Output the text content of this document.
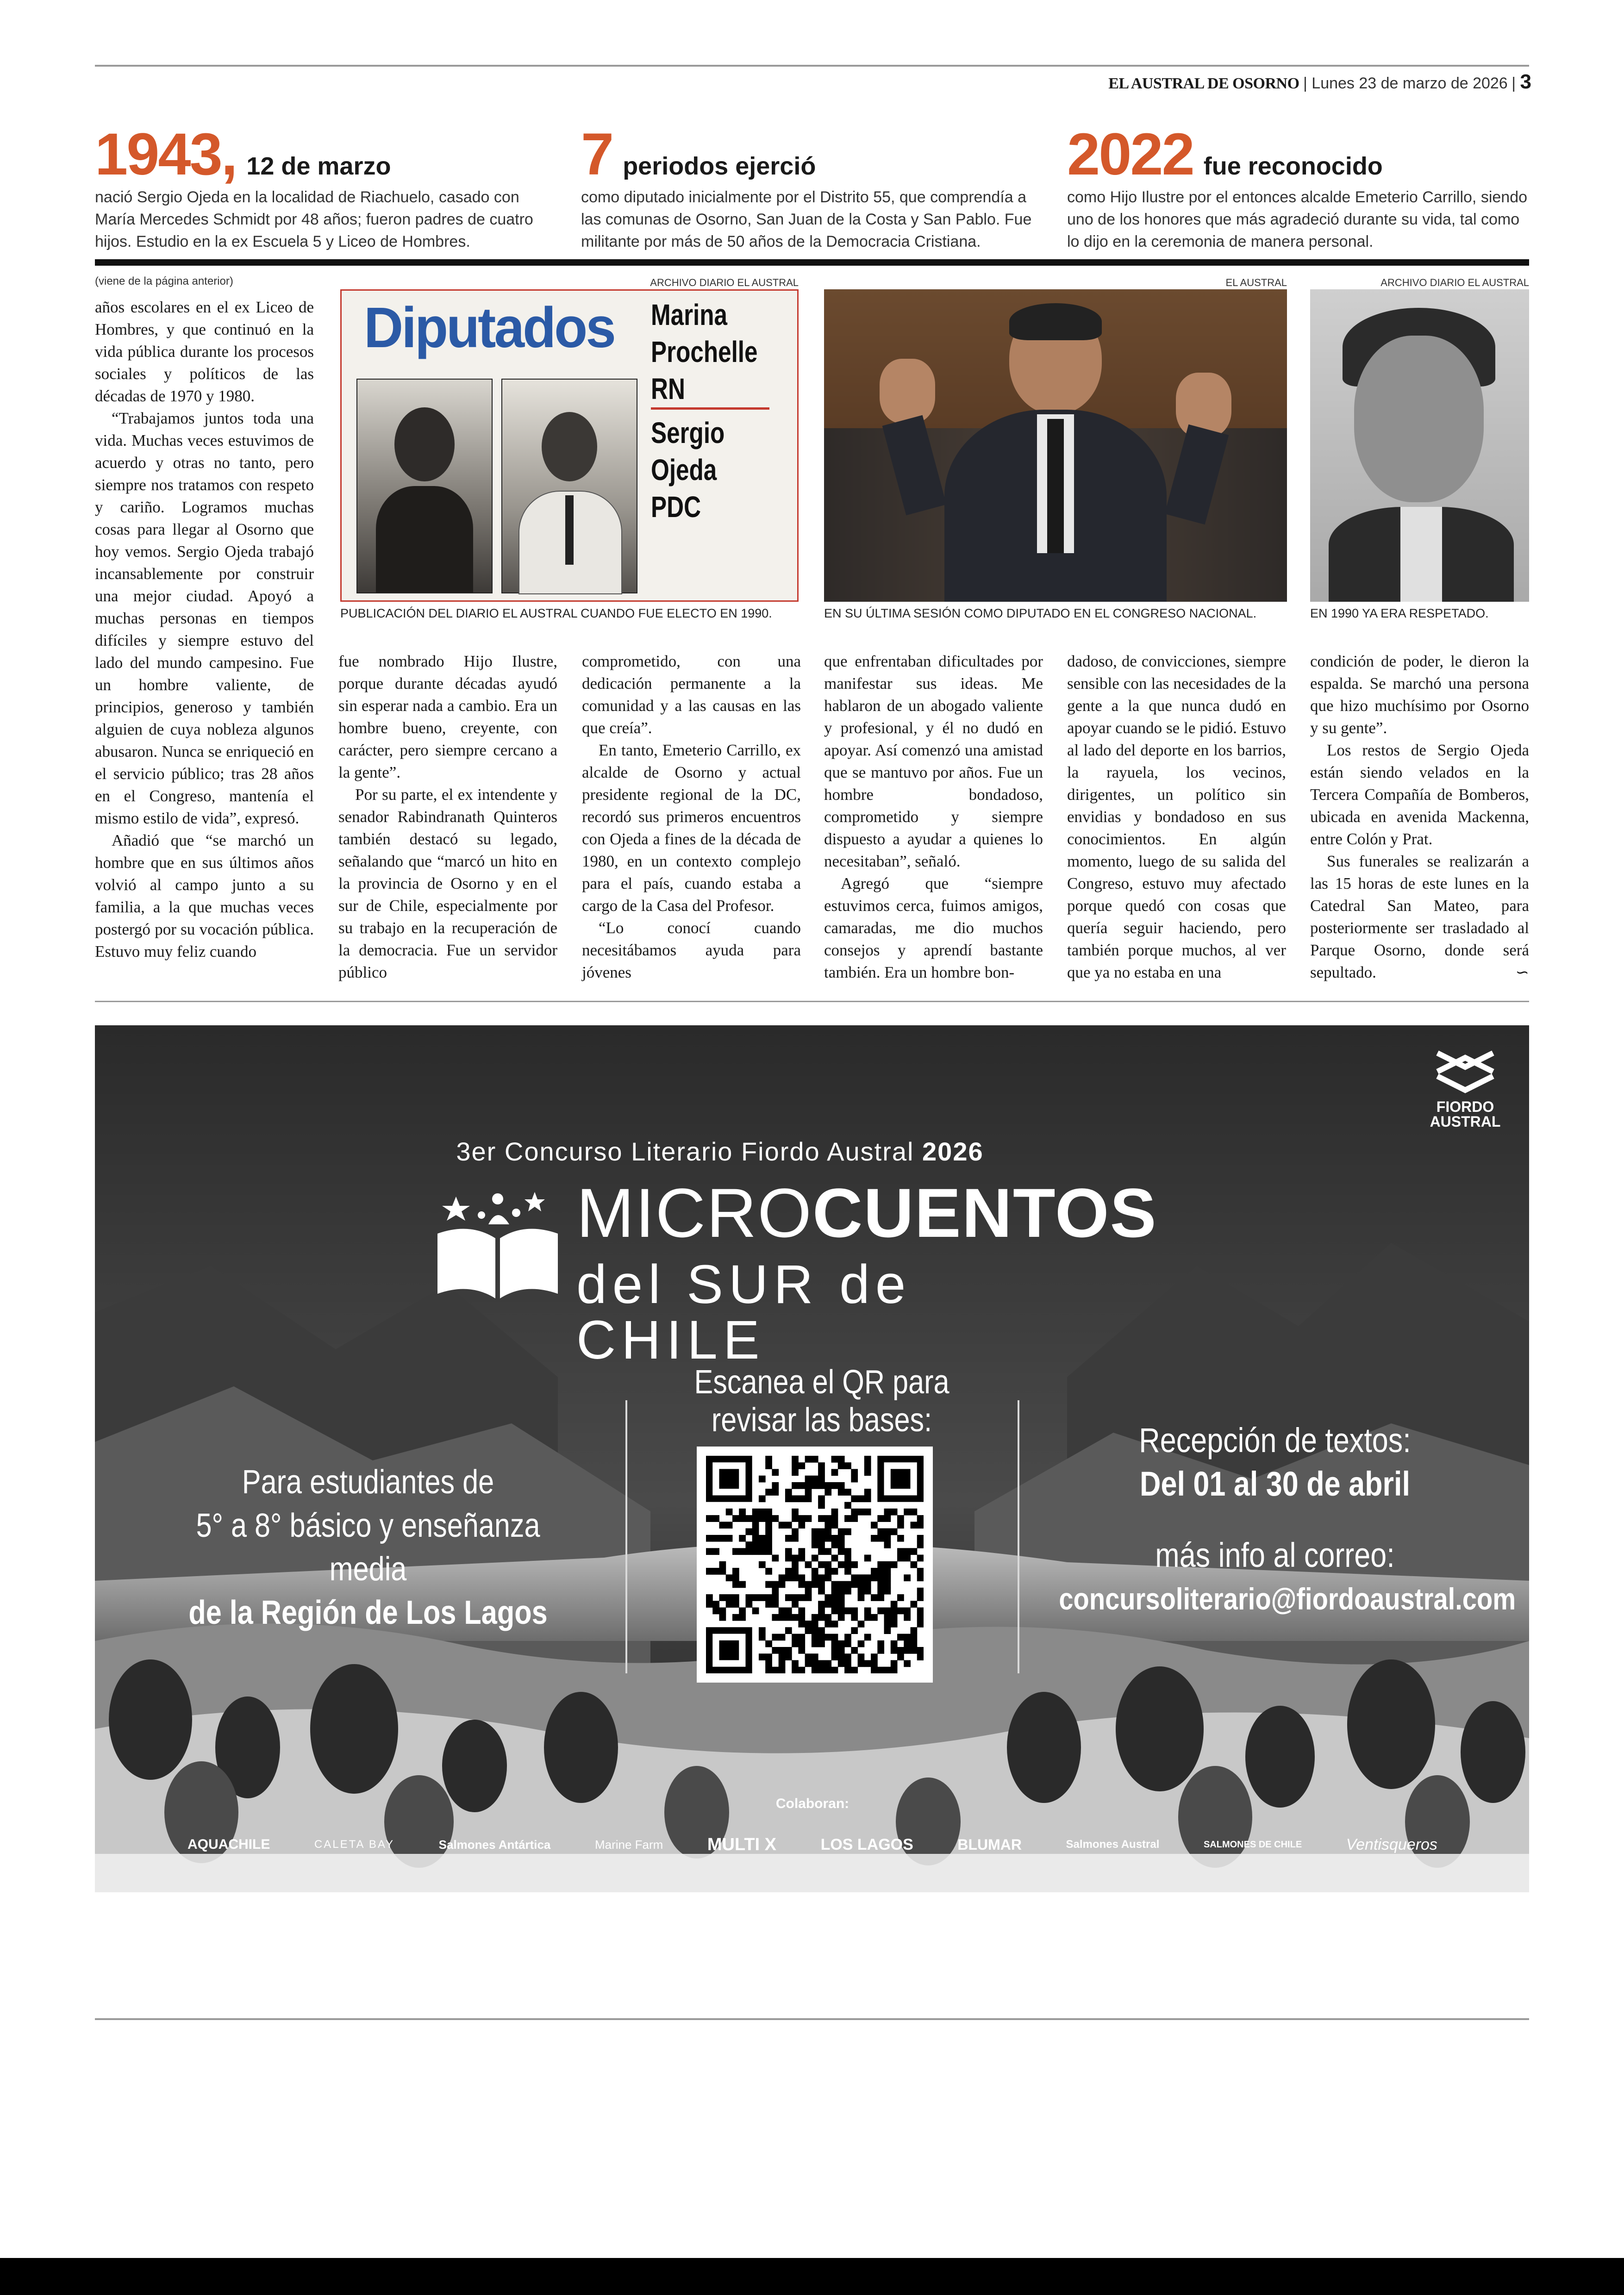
EL AUSTRAL DE OSORNO | Lunes 23 de marzo de 2026 | 3
1943, 12 de marzo
nació Sergio Ojeda en la localidad de Riachuelo, casado con María Mercedes Schmidt por 48 años; fueron padres de cuatro hijos. Estudio en la ex Escuela 5 y Liceo de Hombres.
7 periodos ejerció
como diputado inicialmente por el Distrito 55, que comprendía a las comunas de Osorno, San Juan de la Costa y San Pablo. Fue militante por más de 50 años de la Democracia Cristiana.
2022 fue reconocido
como Hijo Ilustre por el entonces alcalde Emeterio Carrillo, siendo uno de los honores que más agradeció durante su vida, tal como lo dijo en la ceremonia de manera personal.
(viene de la página anterior)	ARCHIVO DIARIO EL AUSTRAL
Diputados Marina
Prochelle
RN
Sergio
Ojeda
PDC
PUBLICACIÓN DEL DIARIO EL AUSTRAL CUANDO FUE ELECTO EN 1990.
EL AUSTRAL
EN SU ÚLTIMA SESIÓN COMO DIPUTADO EN EL CONGRESO NACIONAL.
ARCHIVO DIARIO EL AUSTRAL
EN 1990 YA ERA RESPETADO.

años escolares en el ex Liceo de Hombres, y que continuó en la vida pública durante los procesos sociales y políticos de las décadas de 1970 y 1980.

“Trabajamos juntos toda una vida. Muchas veces estuvimos de acuerdo y otras no tanto, pero siempre nos tratamos con respeto y cariño. Logramos muchas cosas para llegar al Osorno que hoy vemos. Sergio Ojeda trabajó incansablemente por construir una mejor ciudad. Apoyó a muchas personas en tiempos difíciles y siempre estuvo del lado del mundo campesino. Fue un hombre valiente, de principios, generoso y también alguien de cuya nobleza algunos abusaron. Nunca se enriqueció en el servicio público; tras 28 años en el Congreso, mantenía el mismo estilo de vida”, expresó.

Añadió que “se marchó un hombre que en sus últimos años volvió al campo junto a su familia, a la que muchas veces postergó por su vocación pública. Estuvo muy feliz cuando

fue nombrado Hijo Ilustre, porque durante décadas ayudó sin esperar nada a cambio. Era un hombre bueno, creyente, con carácter, pero siempre cercano a la gente”.

Por su parte, el ex intendente y senador Rabindranath Quinteros también destacó su legado, señalando que “marcó un hito en la provincia de Osorno y en el sur de Chile, especialmente por su trabajo en la recuperación de la democracia. Fue un servidor público

comprometido, con una dedicación permanente a la comunidad y a las causas en las que creía”.

En tanto, Emeterio Carrillo, ex alcalde de Osorno y actual presidente regional de la DC, recordó sus primeros encuentros con Ojeda a fines de la década de 1980, en un contexto complejo para el país, cuando estaba a cargo de la Casa del Profesor.

“Lo conocí cuando necesitábamos ayuda para jóvenes

que enfrentaban dificultades por manifestar sus ideas. Me hablaron de un abogado valiente y profesional, y él no dudó en apoyar. Así comenzó una amistad que se mantuvo por años. Fue un hombre bondadoso, comprometido y siempre dispuesto a ayudar a quienes lo necesitaban”, señaló.

Agregó que “siempre estuvimos cerca, fuimos amigos, camaradas, me dio muchos consejos y aprendí bastante también. Era un hombre bon-

dadoso, de convicciones, siempre sensible con las necesidades de la gente a la que nunca dudó en apoyar cuando se le pidió. Estuvo al lado del deporte en los barrios, la rayuela, los vecinos, dirigentes, un político sin envidias y bondadoso en sus conocimientos. En algún momento, luego de su salida del Congreso, estuvo muy afectado porque quedó con cosas que quería seguir haciendo, pero también porque muchos, al ver que ya no estaba en una

condición de poder, le dieron la espalda. Se marchó una persona que hizo muchísimo por Osorno y su gente”.

Los restos de Sergio Ojeda están siendo velados en la Tercera Compañía de Bomberos, ubicada en avenida Mackenna, entre Colón y Prat.

Sus funerales se realizarán a las 15 horas de este lunes en la Catedral San Mateo, para posteriormente ser trasladado al Parque Osorno, donde será sepultado.	∽
FIORDO
AUSTRAL
3er Concurso Literario Fiordo Austral 2026
MICROCUENTOS
del SUR de CHILE
Para estudiantes de
5° a 8° básico y enseñanza media
de la Región de Los Lagos
Escanea el QR para
revisar las bases:
Recepción de textos:
Del 01 al 30 de abril
más info al correo:
concursoliterario@fiordoaustral.com
Colaboran:
AQUACHILE	CALETA BAY	Salmones Antártica	Marine Farm	MULTI X	LOS LAGOS	BLUMAR	Salmones Austral	SALMONES DE CHILE	Ventisqueros
